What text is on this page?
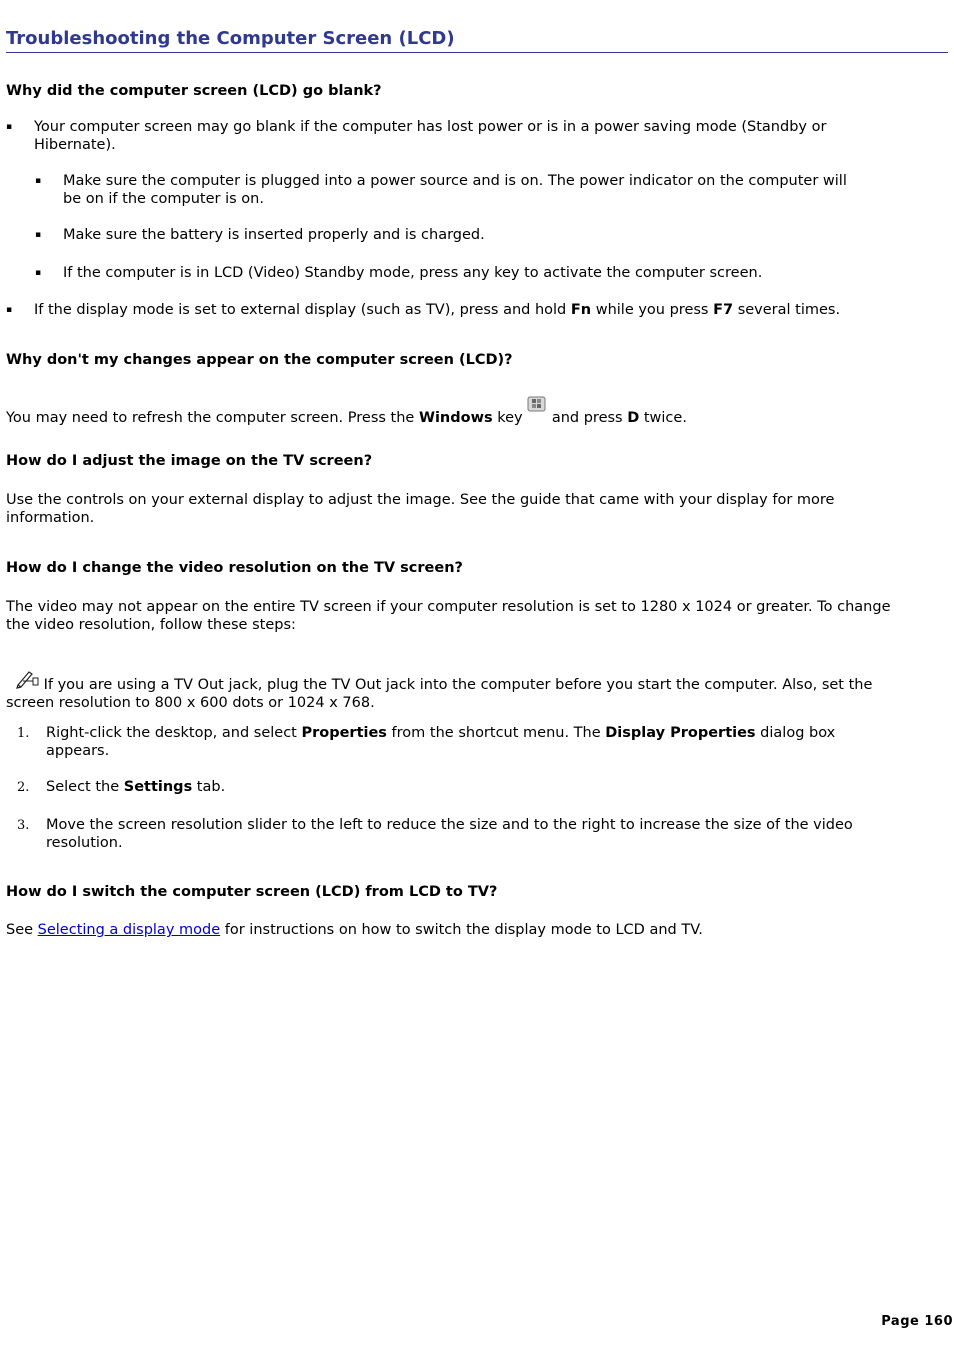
Troubleshooting the Computer Screen (LCD)
Why did the computer screen (LCD) go blank?
▪ Your computer screen may go blank if the computer has lost power or is in a power saving mode (Standby or
Hibernate).
▪ Make sure the computer is plugged into a power source and is on. The power indicator on the computer will
be on if the computer is on.
▪ Make sure the battery is inserted properly and is charged.
▪ If the computer is in LCD (Video) Standby mode, press any key to activate the computer screen.
▪ If the display mode is set to external display (such as TV), press and hold Fn while you press F7 several times.
Why don't my changes appear on the computer screen (LCD)?
You may need to refresh the computer screen. Press the Windows key  and press D twice.
How do I adjust the image on the TV screen?
Use the controls on your external display to adjust the image. See the guide that came with your display for more
information.
How do I change the video resolution on the TV screen?
The video may not appear on the entire TV screen if your computer resolution is set to 1280 x 1024 or greater. To change
the video resolution, follow these steps:
If you are using a TV Out jack, plug the TV Out jack into the computer before you start the computer. Also, set the
screen resolution to 800 x 600 dots or 1024 x 768.
1. Right-click the desktop, and select Properties from the shortcut menu. The Display Properties dialog box
appears.
2. Select the Settings tab.
3. Move the screen resolution slider to the left to reduce the size and to the right to increase the size of the video
resolution.
How do I switch the computer screen (LCD) from LCD to TV?
See Selecting a display mode for instructions on how to switch the display mode to LCD and TV.
Page 160
